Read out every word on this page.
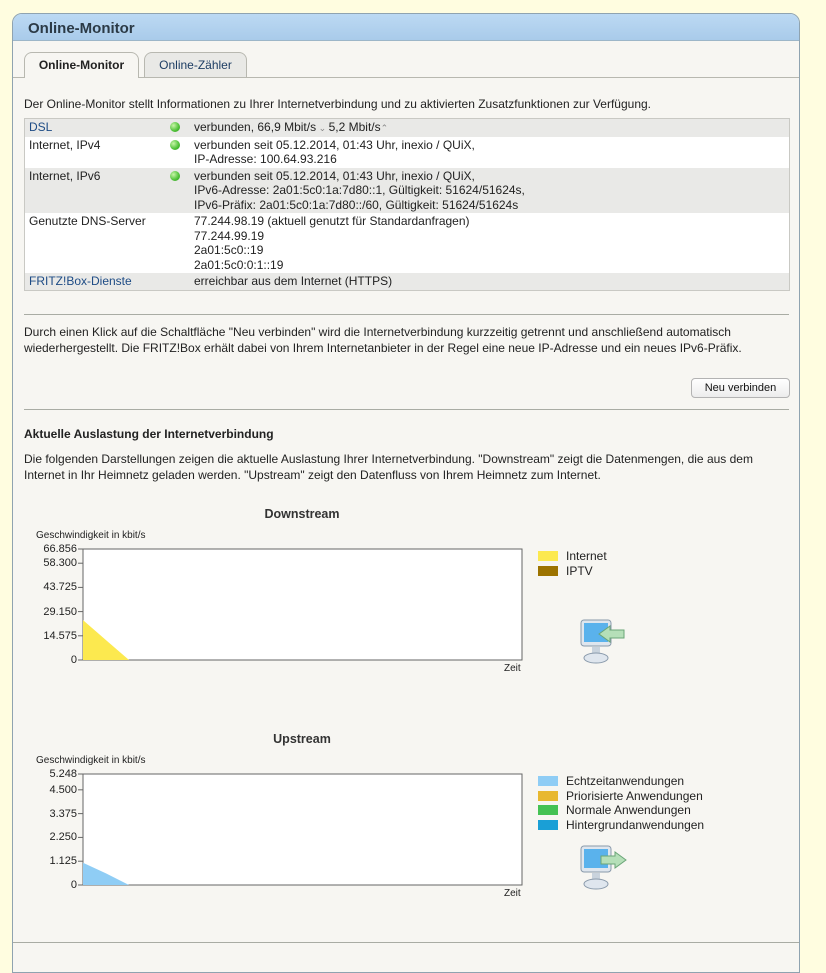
Online-Monitor
Online-Monitor	Online-Zähler
Der Online-Monitor stellt Informationen zu Ihrer Internetverbindung und zu aktivierten Zusatzfunktionen zur Verfügung.
DSL		verbunden, 66,9 Mbit/s ⌄ 5,2 Mbit/s⌃
Internet, IPv4		verbunden seit 05.12.2014, 01:43 Uhr, inexio / QUiX,
IP-Adresse: 100.64.93.216

Internet, IPv6		verbunden seit 05.12.2014, 01:43 Uhr, inexio / QUiX,
IPv6-Adresse: 2a01:5c0:1a:7d80::1, Gültigkeit: 51624/51624s,
IPv6-Präfix: 2a01:5c0:1a:7d80::/60, Gültigkeit: 51624/51624s

Genutzte DNS-Server		77.244.98.19 (aktuell genutzt für Standardanfragen)
77.244.99.19
2a01:5c0::19
2a01:5c0:0:1::19

FRITZ!Box-Dienste		erreichbar aus dem Internet (HTTPS)
Durch einen Klick auf die Schaltfläche "Neu verbinden" wird die Internetverbindung kurzzeitig getrennt und anschließend automatisch wiederhergestellt. Die FRITZ!Box erhält dabei von Ihrem Internetanbieter in der Regel eine neue IP-Adresse und ein neues IPv6-Präfix.
Neu verbinden
Aktuelle Auslastung der Internetverbindung
Die folgenden Darstellungen zeigen die aktuelle Auslastung Ihrer Internetverbindung. "Downstream" zeigt die Datenmengen, die aus dem Internet in Ihr Heimnetz geladen werden. "Upstream" zeigt den Datenfluss von Ihrem Heimnetz zum Internet.
Downstream
Geschwindigkeit in kbit/s
Zeit
66.856
58.300
43.725
29.150
14.575
0
Internet
IPTV
Upstream
Geschwindigkeit in kbit/s
Zeit
5.248
4.500
3.375
2.250
1.125
0
Echtzeitanwendungen
Priorisierte Anwendungen
Normale Anwendungen
Hintergrundanwendungen
